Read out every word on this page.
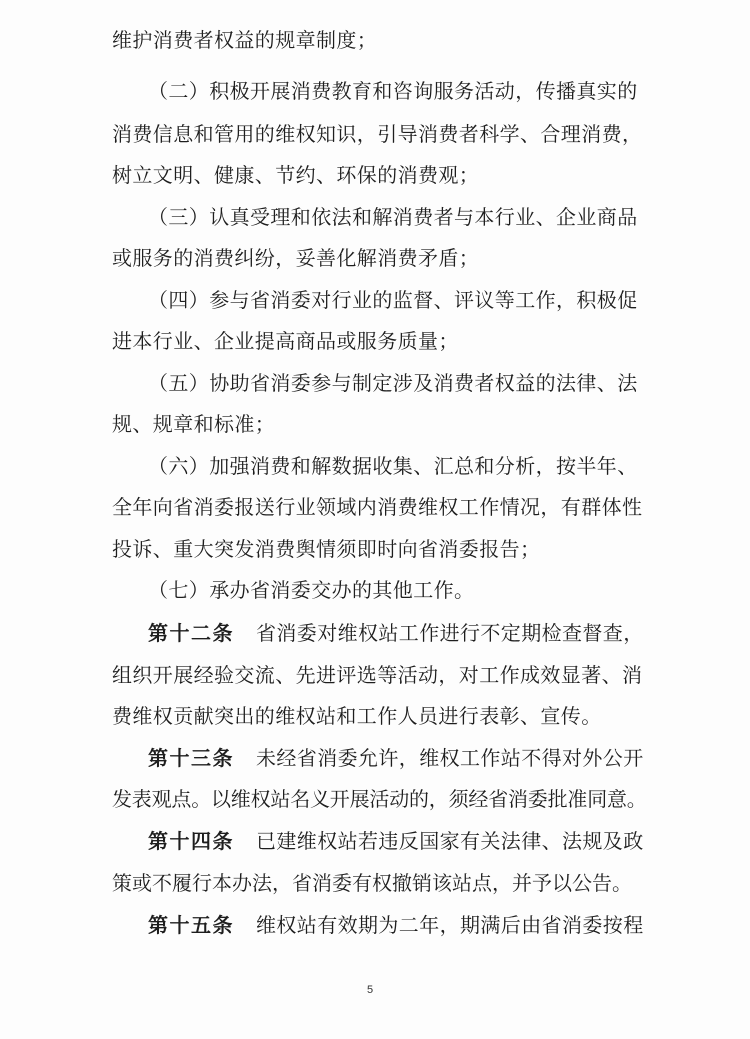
维护消费者权益的规章制度；
（二）积极开展消费教育和咨询服务活动，传播真实的
消费信息和管用的维权知识，引导消费者科学、合理消费，
树立文明、健康、节约、环保的消费观；
（三）认真受理和依法和解消费者与本行业、企业商品
或服务的消费纠纷，妥善化解消费矛盾；
（四）参与省消委对行业的监督、评议等工作，积极促
进本行业、企业提高商品或服务质量；
（五）协助省消委参与制定涉及消费者权益的法律、法
规、规章和标准；
（六）加强消费和解数据收集、汇总和分析，按半年、
全年向省消委报送行业领域内消费维权工作情况，有群体性
投诉、重大突发消费舆情须即时向省消委报告；
（七）承办省消委交办的其他工作。
第十二条 省消委对维权站工作进行不定期检查督查，
组织开展经验交流、先进评选等活动，对工作成效显著、消
费维权贡献突出的维权站和工作人员进行表彰、宣传。
第十三条 未经省消委允许，维权工作站不得对外公开
发表观点。以维权站名义开展活动的，须经省消委批准同意。
第十四条 已建维权站若违反国家有关法律、法规及政
策或不履行本办法，省消委有权撤销该站点，并予以公告。
第十五条 维权站有效期为二年，期满后由省消委按程
5
